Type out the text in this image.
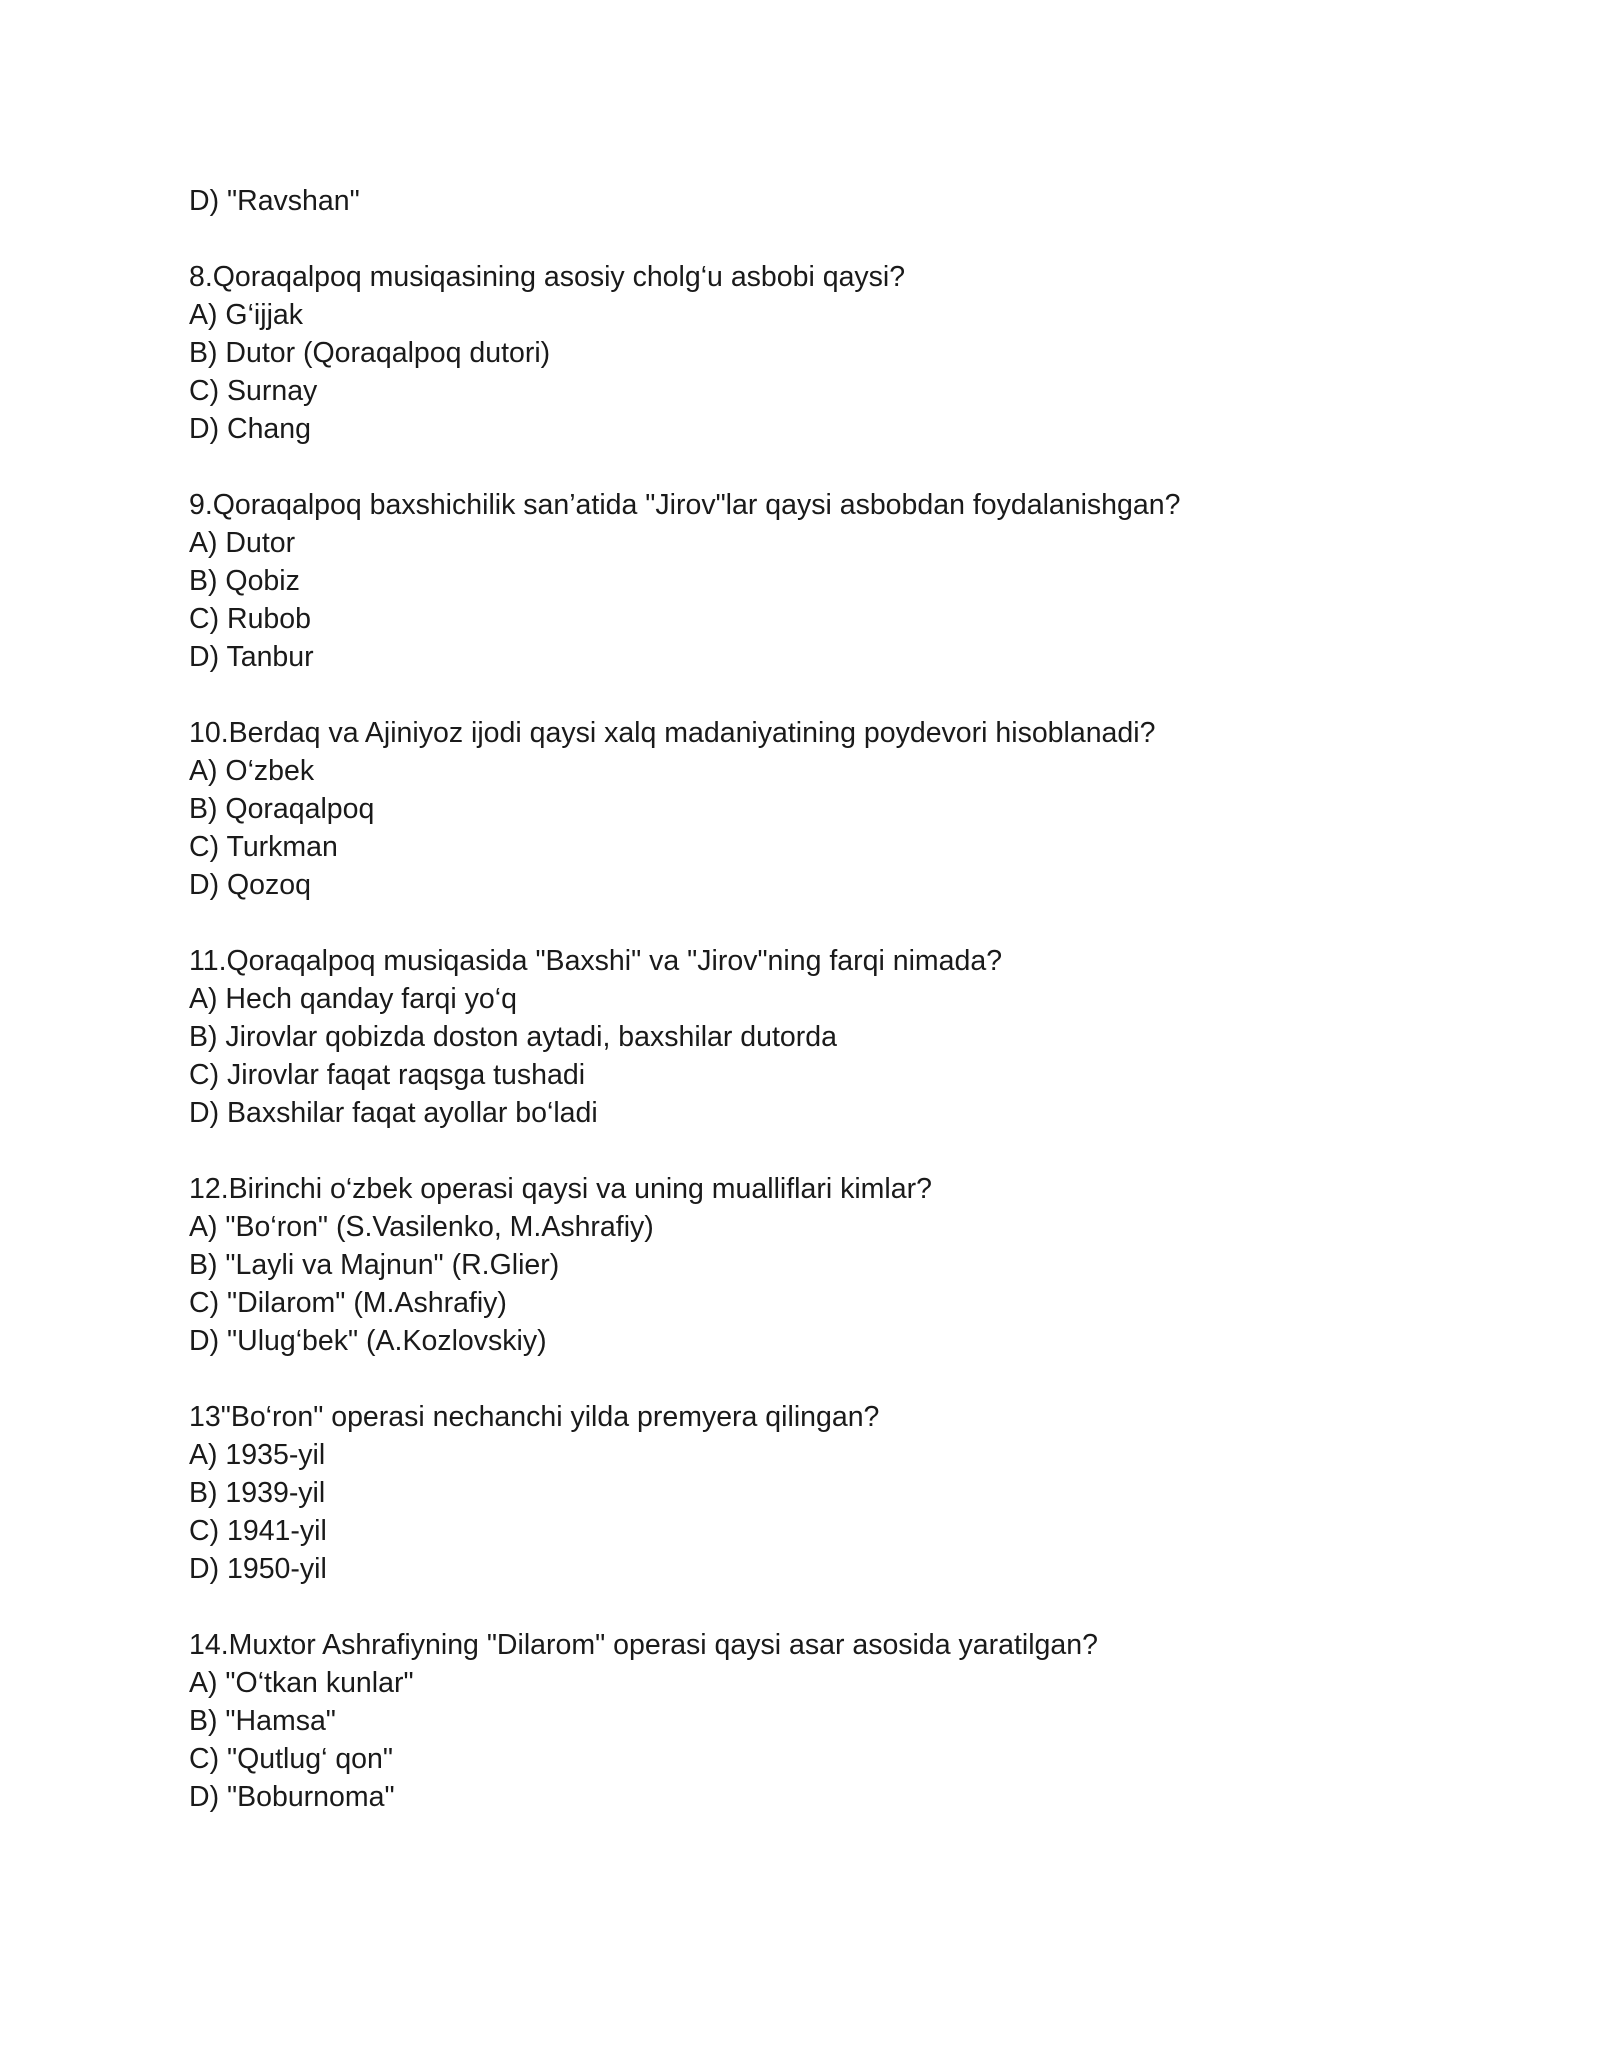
D) "Ravshan"
8.Qoraqalpoq musiqasining asosiy cholg‘u asbobi qaysi?
A) G‘ijjak
B) Dutor (Qoraqalpoq dutori)
C) Surnay
D) Chang
9.Qoraqalpoq baxshichilik san’atida "Jirov"lar qaysi asbobdan foydalanishgan?
A) Dutor
B) Qobiz
C) Rubob
D) Tanbur
10.Berdaq va Ajiniyoz ijodi qaysi xalq madaniyatining poydevori hisoblanadi?
A) O‘zbek
B) Qoraqalpoq
C) Turkman
D) Qozoq
11.Qoraqalpoq musiqasida "Baxshi" va "Jirov"ning farqi nimada?
A) Hech qanday farqi yo‘q
B) Jirovlar qobizda doston aytadi, baxshilar dutorda
C) Jirovlar faqat raqsga tushadi
D) Baxshilar faqat ayollar bo‘ladi
12.Birinchi o‘zbek operasi qaysi va uning mualliflari kimlar?
A) "Bo‘ron" (S.Vasilenko, M.Ashrafiy)
B) "Layli va Majnun" (R.Glier)
C) "Dilarom" (M.Ashrafiy)
D) "Ulug‘bek" (A.Kozlovskiy)
13"Bo‘ron" operasi nechanchi yilda premyera qilingan?
A) 1935-yil
B) 1939-yil
C) 1941-yil
D) 1950-yil
14.Muxtor Ashrafiyning "Dilarom" operasi qaysi asar asosida yaratilgan?
A) "O‘tkan kunlar"
B) "Hamsa"
C) "Qutlug‘ qon"
D) "Boburnoma"
